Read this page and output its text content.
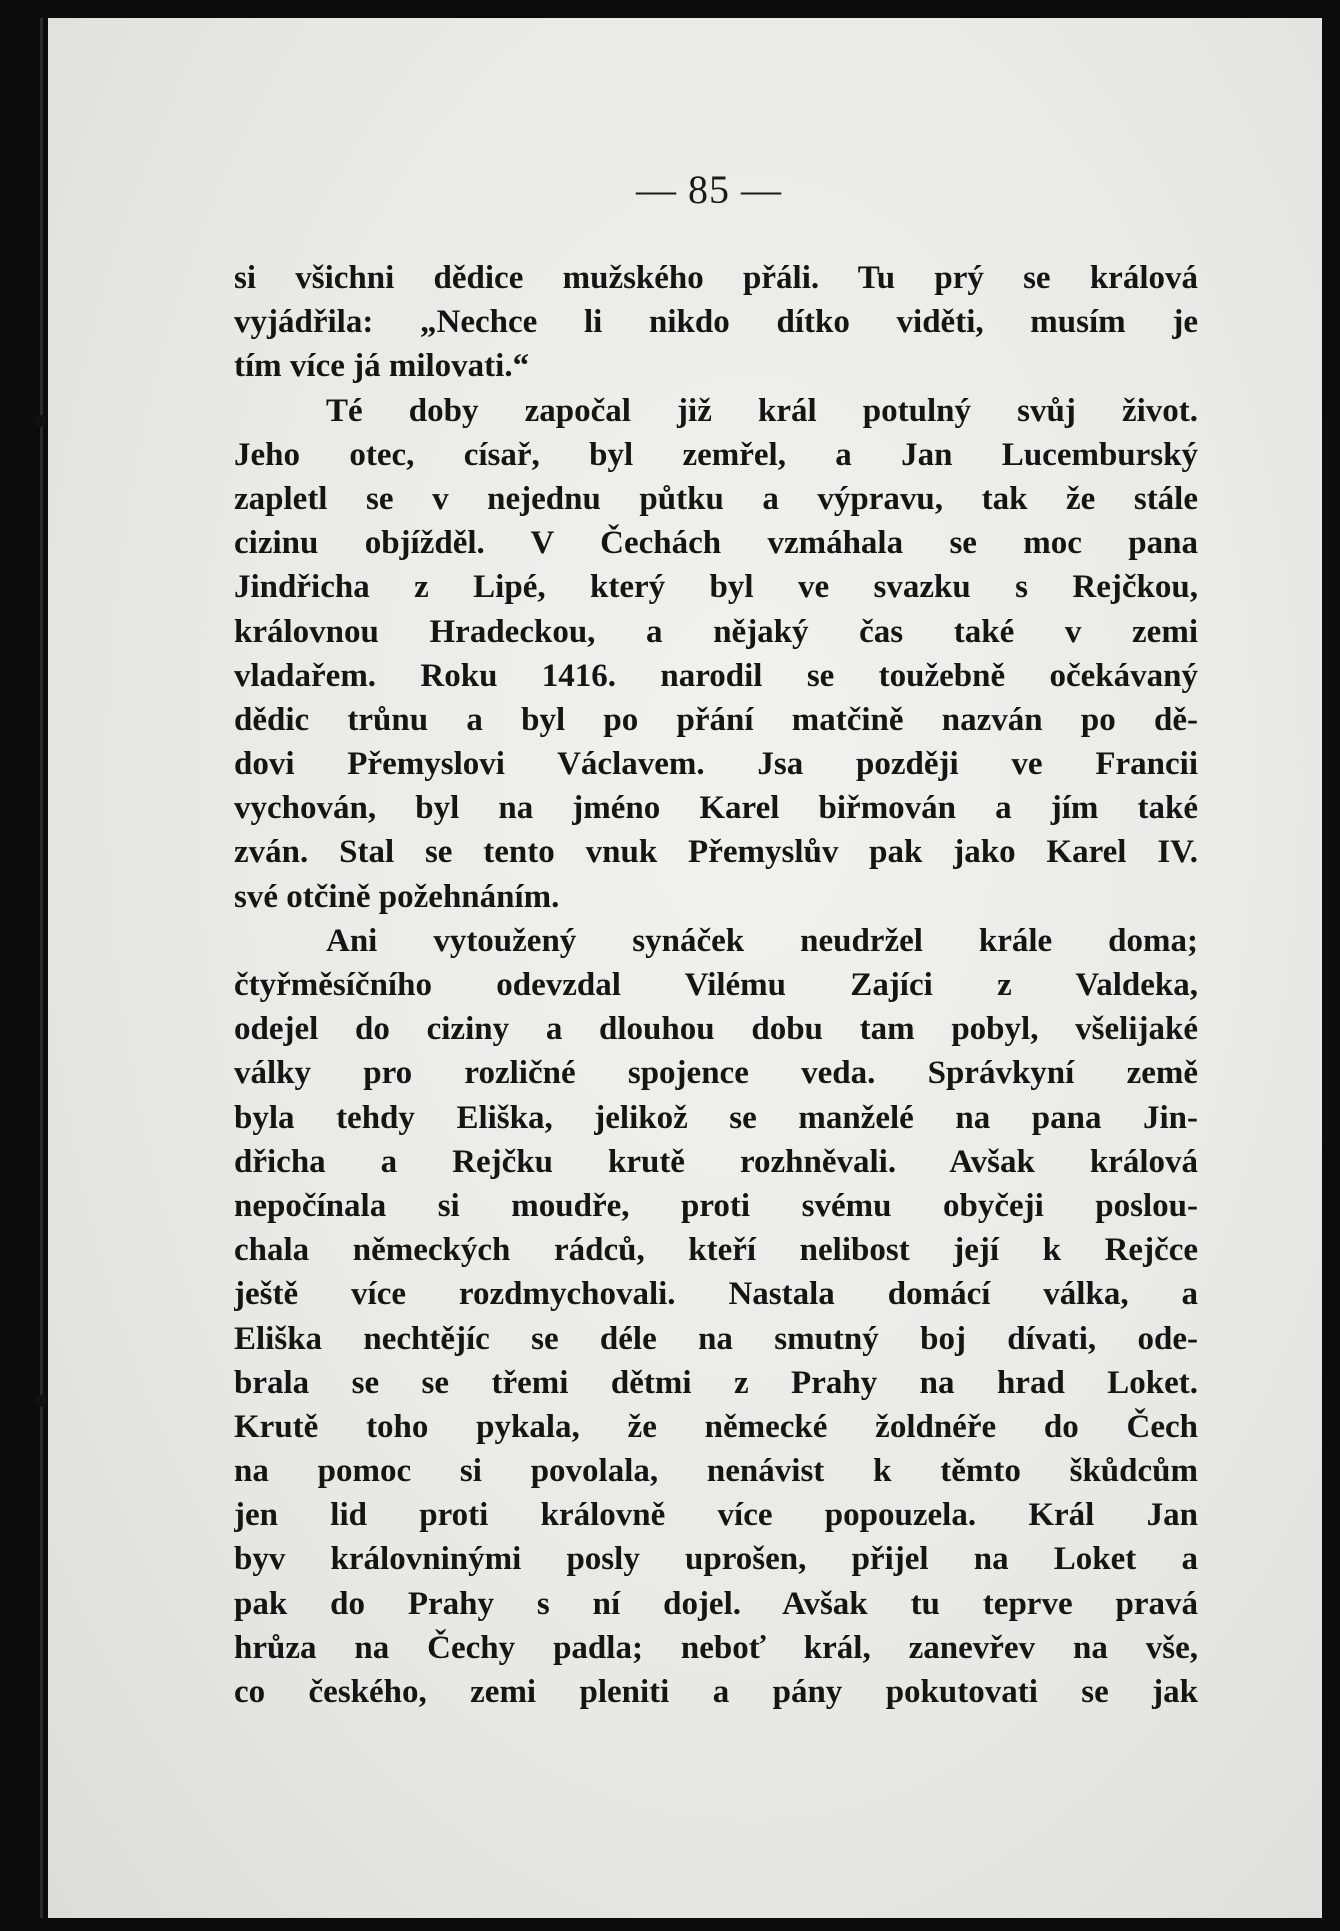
— 85 —
si všichni dědice mužského přáli. Tu prý se králová
vyjádřila: „Nechce li nikdo dítko viděti, musím je
tím více já milovati.“
Té doby započal již král potulný svůj život.
Jeho otec, císař, byl zemřel, a Jan Lucemburský
zapletl se v nejednu půtku a výpravu, tak že stále
cizinu objížděl. V Čechách vzmáhala se moc pana
Jindřicha z Lipé, který byl ve svazku s Rejčkou,
královnou Hradeckou, a nějaký čas také v zemi
vladařem. Roku 1416. narodil se toužebně očekávaný
dědic trůnu a byl po přání matčině nazván po dě-
dovi Přemyslovi Václavem. Jsa později ve Francii
vychován, byl na jméno Karel biřmován a jím také
zván. Stal se tento vnuk Přemyslův pak jako Karel IV.
své otčině požehnáním.
Ani vytoužený synáček neudržel krále doma;
čtyřměsíčního odevzdal Vilému Zajíci z Valdeka,
odejel do ciziny a dlouhou dobu tam pobyl, všelijaké
války pro rozličné spojence veda. Správkyní země
byla tehdy Eliška, jelikož se manželé na pana Jin-
dřicha a Rejčku krutě rozhněvali. Avšak králová
nepočínala si moudře, proti svému obyčeji poslou-
chala německých rádců, kteří nelibost její k Rejčce
ještě více rozdmychovali. Nastala domácí válka, a
Eliška nechtějíc se déle na smutný boj dívati, ode-
brala se se třemi dětmi z Prahy na hrad Loket.
Krutě toho pykala, že německé žoldnéře do Čech
na pomoc si povolala, nenávist k těmto škůdcům
jen lid proti královně více popouzela. Král Jan
byv královninými posly uprošen, přijel na Loket a
pak do Prahy s ní dojel. Avšak tu teprve pravá
hrůza na Čechy padla; neboť král, zanevřev na vše,
co českého, zemi pleniti a pány pokutovati se jak
